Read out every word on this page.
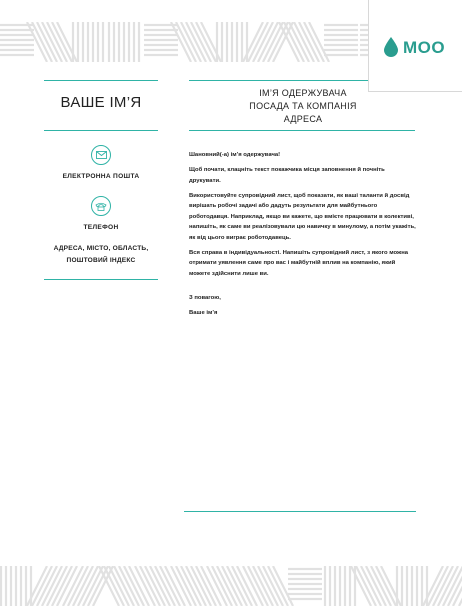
MOO
ВАШЕ ІМ’Я
ЕЛЕКТРОННА ПОШТА
ТЕЛЕФОН
АДРЕСА, МІСТО, ОБЛАСТЬ,
ПОШТОВИЙ ІНДЕКС
ІМ’Я ОДЕРЖУВАЧА
ПОСАДА ТА КОМПАНІЯ
АДРЕСА

Шановний(-а) ім’я одержувача!

Щоб почати, клацніть текст покажчика місця заповнення й почніть друкувати.

Використовуйте супровідний лист, щоб показати, як ваші таланти й досвід вирішать робочі задачі або дадуть результати для майбутнього роботодавця. Наприклад, якщо ви кажете, що вмієте працювати в колективі, напишіть, як саме ви реалізовували цю навичку в минулому, а потім укажіть, як від цього виграє роботодавець.

Вся справа в індивідуальності. Напишіть супровідний лист, з якого можна отримати уявлення саме про вас і майбутній вплив на компанію, який можете здійснити лише ви.

З повагою,

Ваше ім’я
